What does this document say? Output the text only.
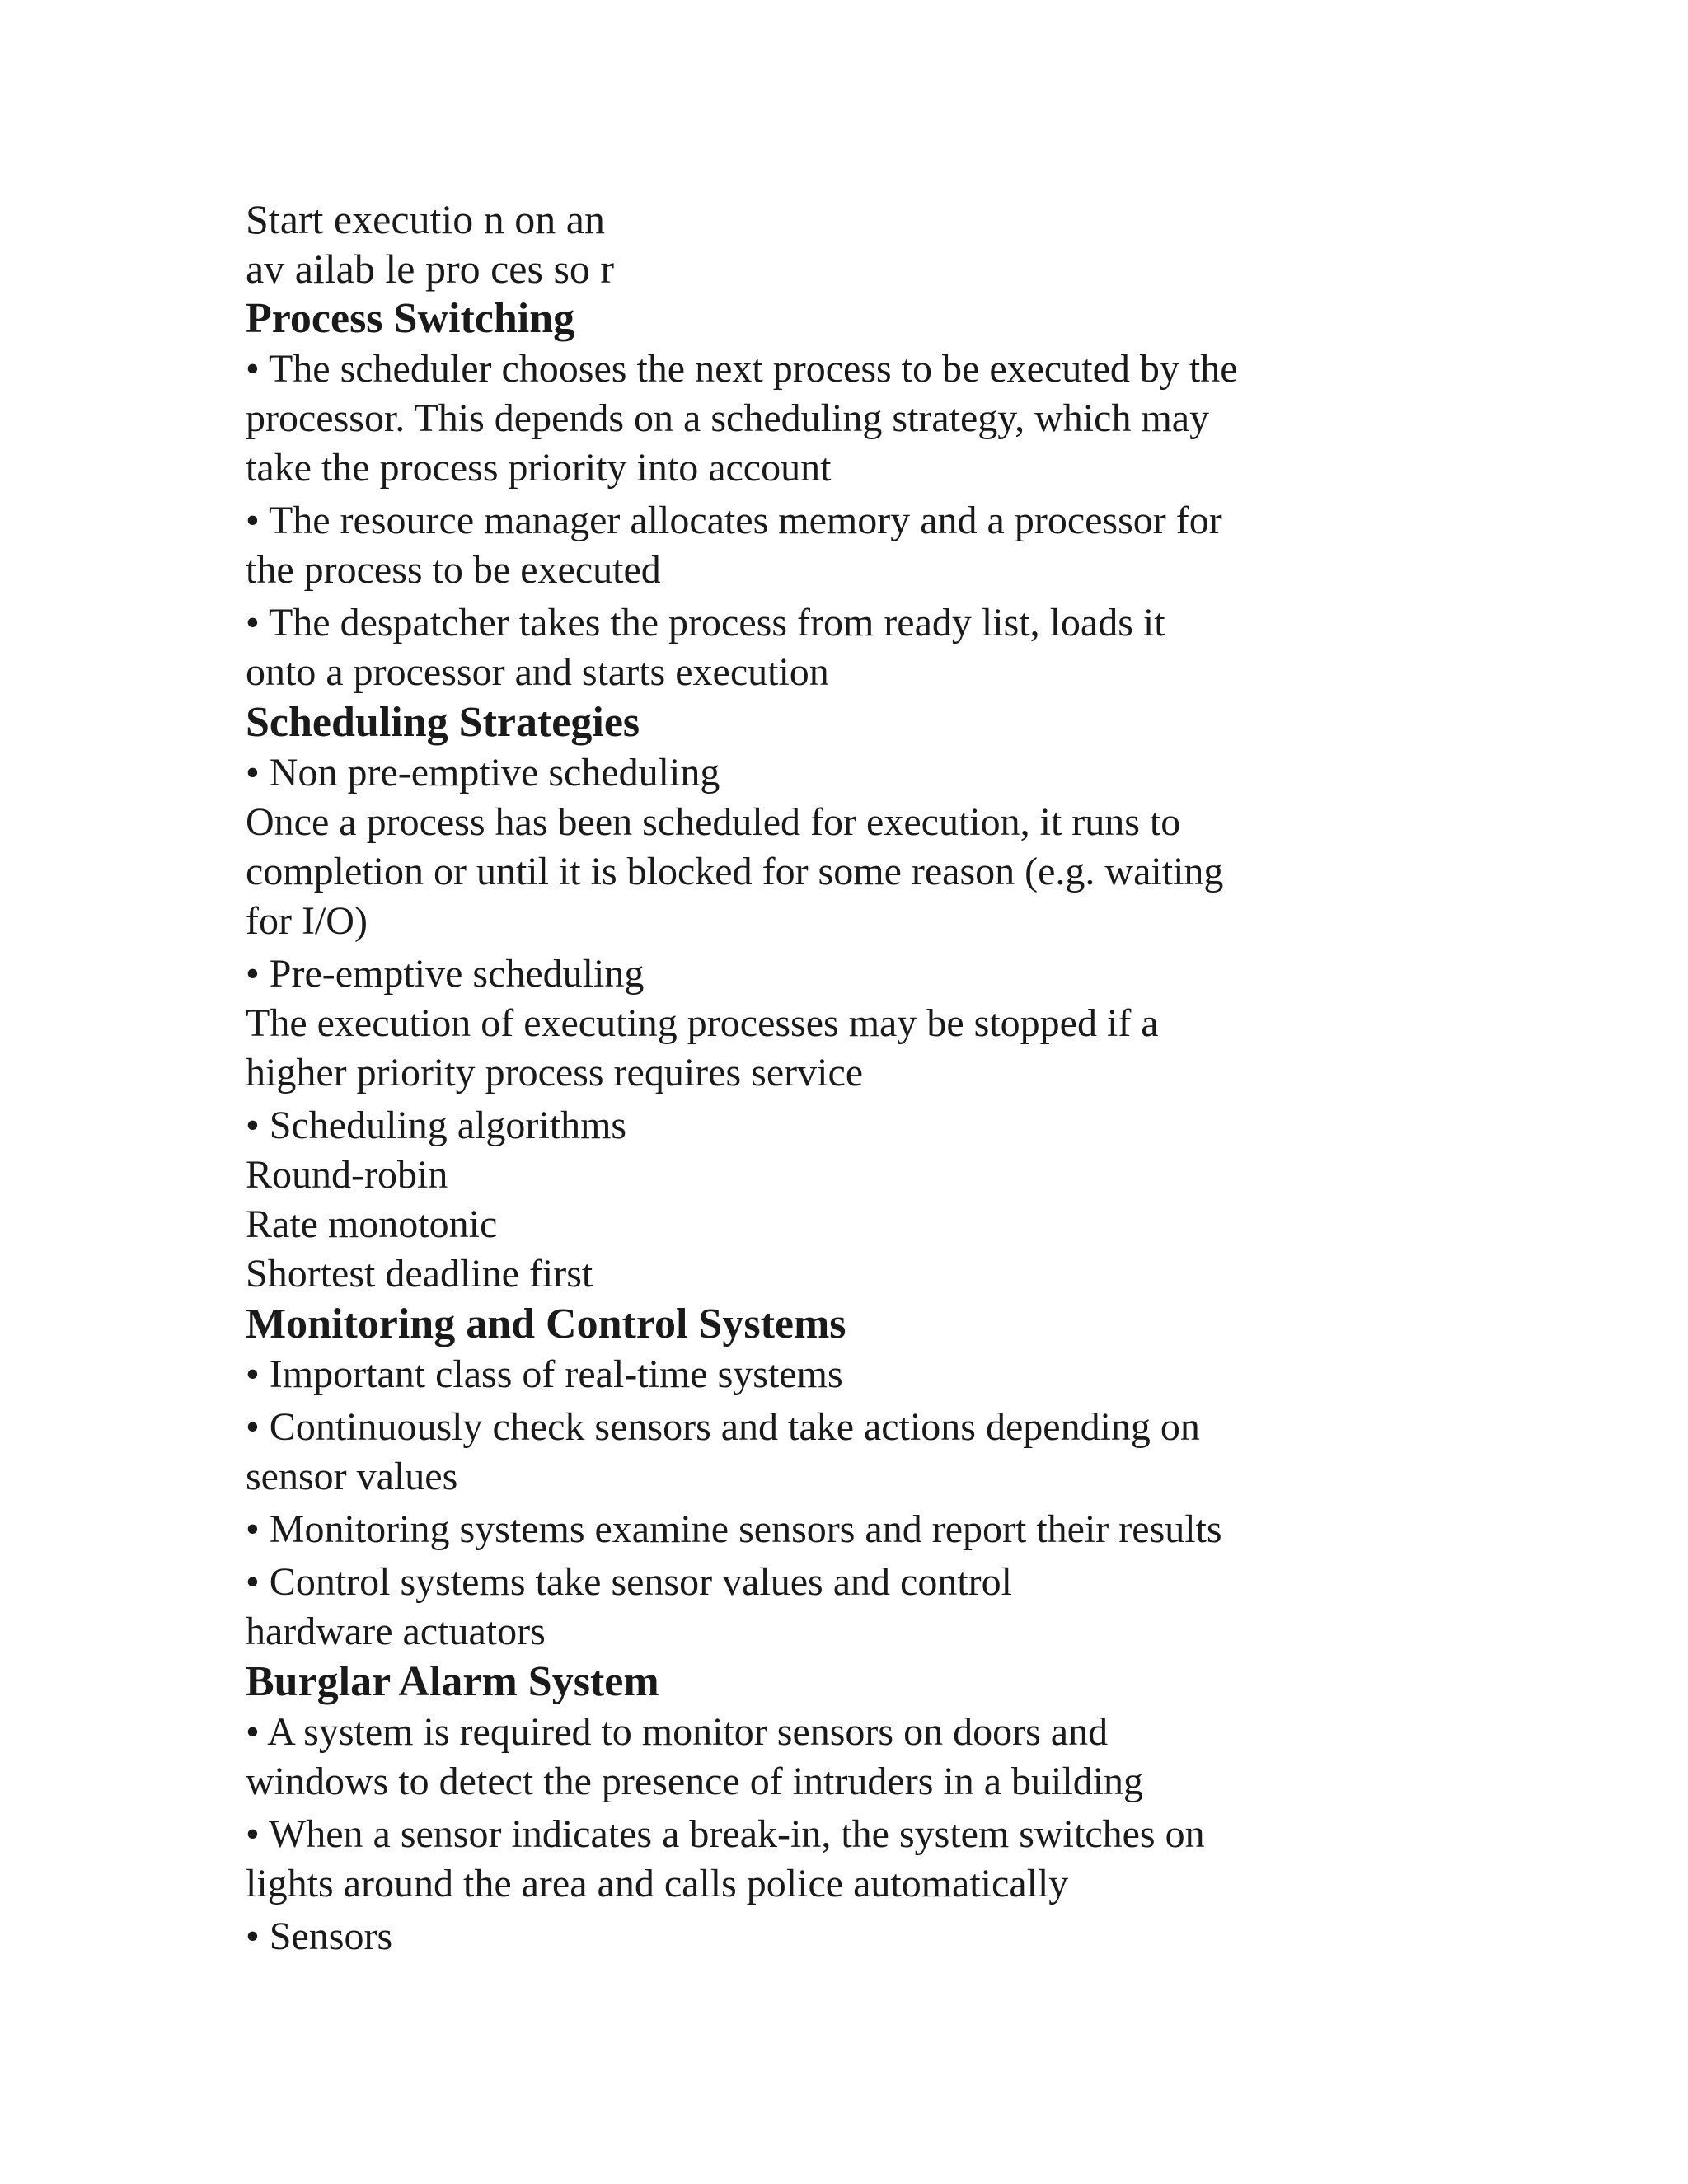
Start executio n on an

av ailab le pro ces so r

Process Switching

• The scheduler chooses the next process to be executed by the

processor. This depends on a scheduling strategy, which may

take the process priority into account

• The resource manager allocates memory and a processor for

the process to be executed

• The despatcher takes the process from ready list, loads it

onto a processor and starts execution

Scheduling Strategies

• Non pre-emptive scheduling

Once a process has been scheduled for execution, it runs to

completion or until it is blocked for some reason (e.g. waiting

for I/O)

• Pre-emptive scheduling

The execution of executing processes may be stopped if a

higher priority process requires service

• Scheduling algorithms

Round-robin

Rate monotonic

Shortest deadline first

Monitoring and Control Systems

• Important class of real-time systems

• Continuously check sensors and take actions depending on

sensor values

• Monitoring systems examine sensors and report their results

• Control systems take sensor values and control

hardware actuators

Burglar Alarm System

• A system is required to monitor sensors on doors and

windows to detect the presence of intruders in a building

• When a sensor indicates a break-in, the system switches on

lights around the area and calls police automatically

• Sensors
